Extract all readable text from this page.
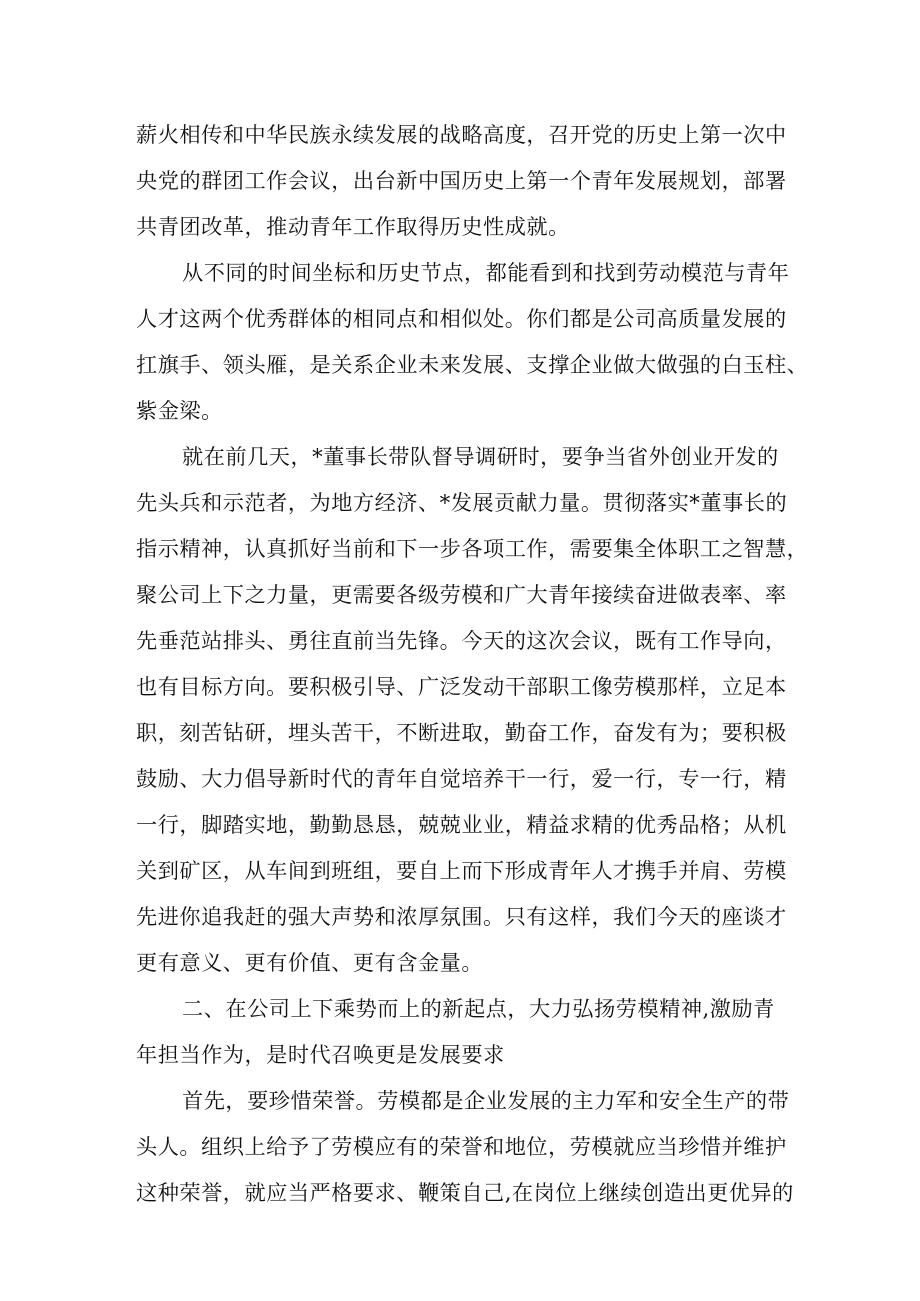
薪火相传和中华民族永续发展的战略高度，召开党的历史上第一次中
央党的群团工作会议，出台新中国历史上第一个青年发展规划，部署
共青团改革，推动青年工作取得历史性成就。
从不同的时间坐标和历史节点，都能看到和找到劳动模范与青年
人才这两个优秀群体的相同点和相似处。你们都是公司高质量发展的
扛旗手、领头雁，是关系企业未来发展、支撑企业做大做强的白玉柱、
紫金梁。
就在前几天，*董事长带队督导调研时，要争当省外创业开发的
先头兵和示范者，为地方经济、*发展贡献力量。贯彻落实*董事长的
指示精神，认真抓好当前和下一步各项工作，需要集全体职工之智慧，
聚公司上下之力量，更需要各级劳模和广大青年接续奋进做表率、率
先垂范站排头、勇往直前当先锋。今天的这次会议，既有工作导向，
也有目标方向。要积极引导、广泛发动干部职工像劳模那样，立足本
职，刻苦钻研，埋头苦干，不断进取，勤奋工作，奋发有为；要积极
鼓励、大力倡导新时代的青年自觉培养干一行，爱一行，专一行，精
一行，脚踏实地，勤勤恳恳，兢兢业业，精益求精的优秀品格；从机
关到矿区，从车间到班组，要自上而下形成青年人才携手并肩、劳模
先进你追我赶的强大声势和浓厚氛围。只有这样，我们今天的座谈才
更有意义、更有价值、更有含金量。
二、在公司上下乘势而上的新起点，大力弘扬劳模精神,激励青
年担当作为，是时代召唤更是发展要求
首先，要珍惜荣誉。劳模都是企业发展的主力军和安全生产的带
头人。组织上给予了劳模应有的荣誉和地位，劳模就应当珍惜并维护
这种荣誉，就应当严格要求、鞭策自己,在岗位上继续创造出更优异的
